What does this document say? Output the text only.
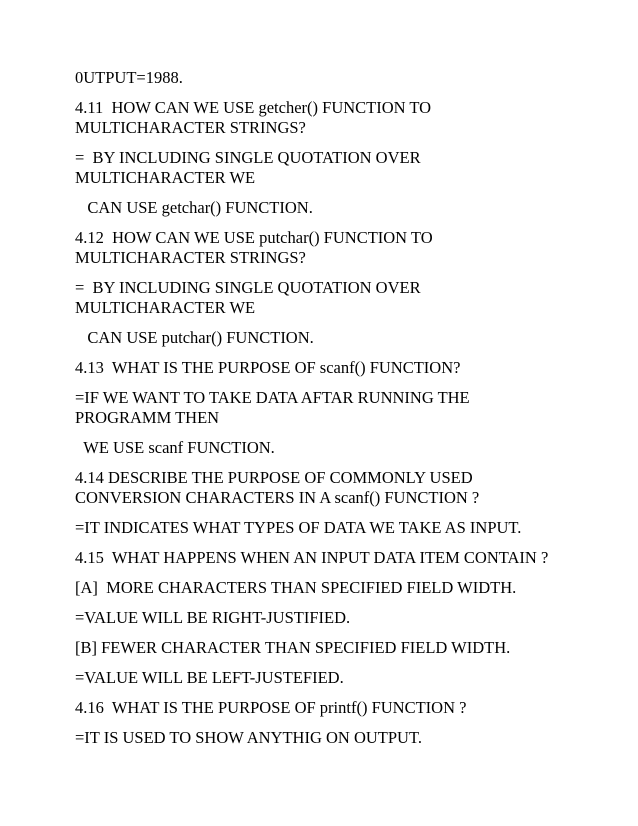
0UTPUT=1988.

4.11  HOW CAN WE USE getcher() FUNCTION TO
MULTICHARACTER STRINGS?

=  BY INCLUDING SINGLE QUOTATION OVER
MULTICHARACTER WE

CAN USE getchar() FUNCTION.

4.12  HOW CAN WE USE putchar() FUNCTION TO
MULTICHARACTER STRINGS?

=  BY INCLUDING SINGLE QUOTATION OVER
MULTICHARACTER WE

CAN USE putchar() FUNCTION.

4.13  WHAT IS THE PURPOSE OF scanf() FUNCTION?

=IF WE WANT TO TAKE DATA AFTAR RUNNING THE
PROGRAMM THEN

WE USE scanf FUNCTION.

4.14 DESCRIBE THE PURPOSE OF COMMONLY USED
CONVERSION CHARACTERS IN A scanf() FUNCTION ?

=IT INDICATES WHAT TYPES OF DATA WE TAKE AS INPUT.

4.15  WHAT HAPPENS WHEN AN INPUT DATA ITEM CONTAIN ?

[A]  MORE CHARACTERS THAN SPECIFIED FIELD WIDTH.

=VALUE WILL BE RIGHT-JUSTIFIED.

[B] FEWER CHARACTER THAN SPECIFIED FIELD WIDTH.

=VALUE WILL BE LEFT-JUSTEFIED.

4.16  WHAT IS THE PURPOSE OF printf() FUNCTION ?

=IT IS USED TO SHOW ANYTHIG ON OUTPUT.
